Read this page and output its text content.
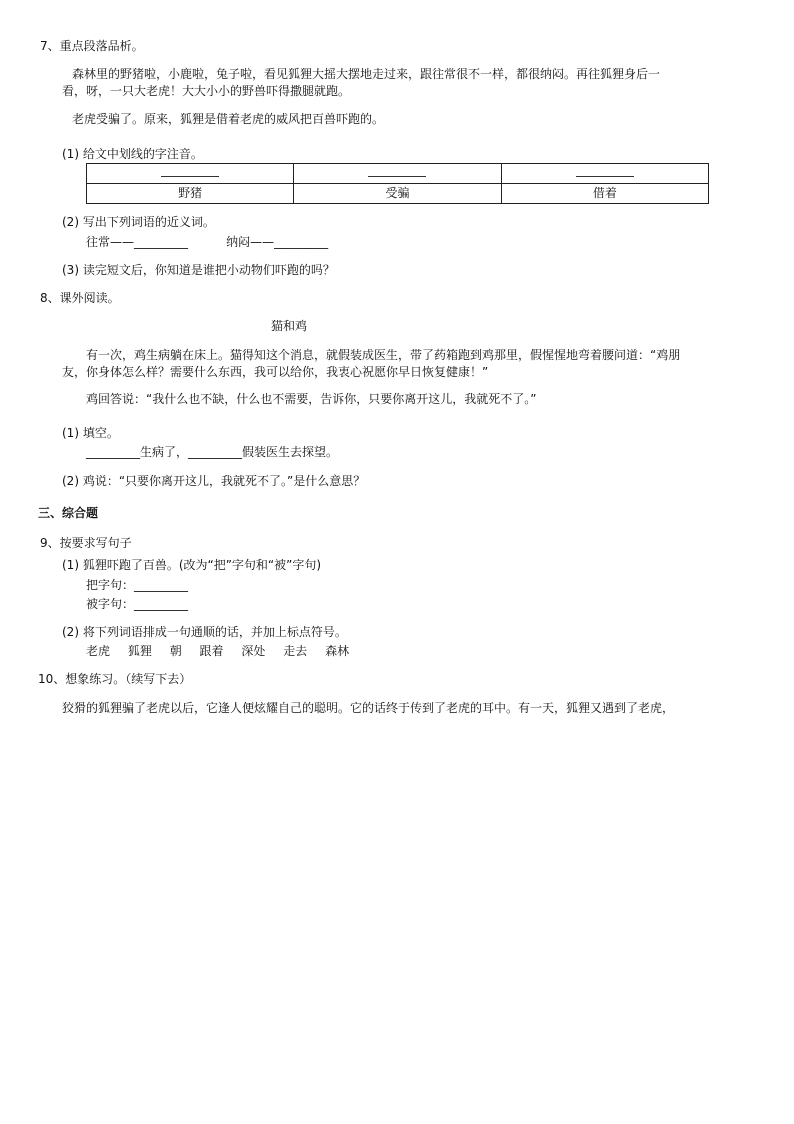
7、重点段落品析。
森林里的野猪啦，小鹿啦，兔子啦，看见狐狸大摇大摆地走过来，跟往常很不一样，都很纳闷。再往狐狸身后一
看，呀，一只大老虎！大大小小的野兽吓得撒腿就跑。
老虎受骗了。原来，狐狸是借着老虎的威风把百兽吓跑的。
(1) 给文中划线的字注音。

野猪	受骗	借着
(2) 写出下列词语的近义词。
往常——_________          纳闷——_________
(3) 读完短文后，你知道是谁把小动物们吓跑的吗？
8、课外阅读。
猫和鸡
有一次，鸡生病躺在床上。猫得知这个消息，就假装成医生，带了药箱跑到鸡那里，假惺惺地弯着腰问道：“鸡朋
友，你身体怎么样？需要什么东西，我可以给你，我衷心祝愿你早日恢复健康！”
鸡回答说：“我什么也不缺，什么也不需要，告诉你，只要你离开这儿，我就死不了。”
(1) 填空。
_________生病了，_________假装医生去探望。
(2) 鸡说：“只要你离开这儿，我就死不了。”是什么意思？
三、综合题
9、按要求写句子
(1) 狐狸吓跑了百兽。(改为“把”字句和“被”字句)
把字句：_________
被字句：_________
(2) 将下列词语排成一句通顺的话，并加上标点符号。
老虎 狐狸 朝 跟着 深处 走去 森林
10、想象练习。（续写下去）
狡猾的狐狸骗了老虎以后，它逢人便炫耀自己的聪明。它的话终于传到了老虎的耳中。有一天，狐狸又遇到了老虎，
